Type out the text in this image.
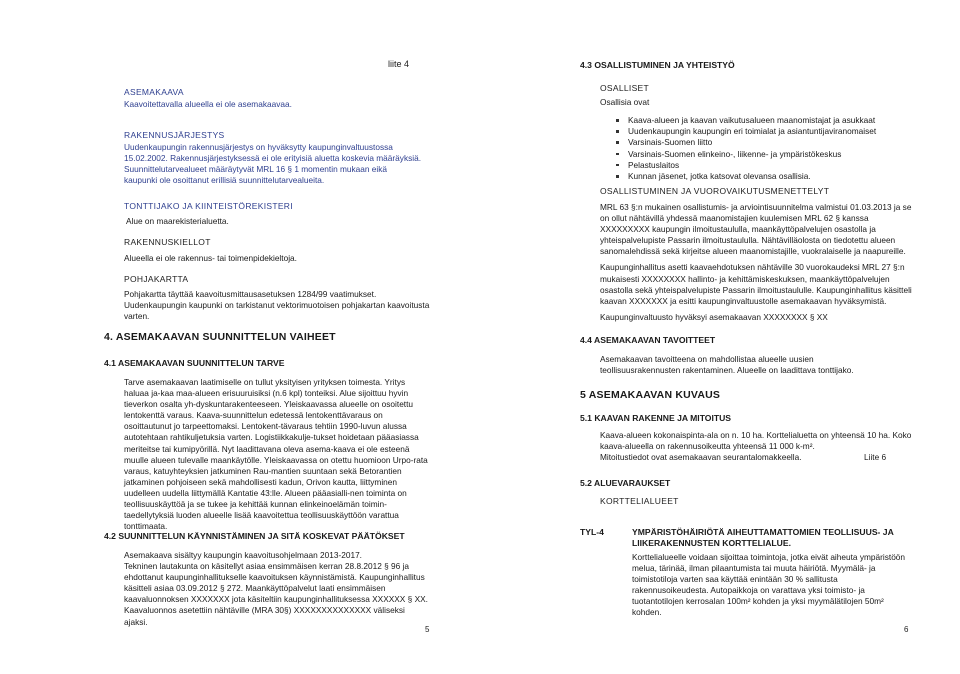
liite 4
ASEMAKAAVA
Kaavoitettavalla alueella ei ole asemakaavaa.
RAKENNUSJÄRJESTYS
Uudenkaupungin rakennusjärjestys on hyväksytty kaupunginvaltuustossa 15.02.2002. Rakennusjärjestyksessä ei ole erityisiä aluetta koskevia määräyksiä. Suunnittelutarvealueet määräytyvät MRL 16 § 1 momentin mukaan eikä kaupunki ole osoittanut erillisiä suunnittelutarvealueita.
TONTTIJAKO JA KIINTEISTÖREKISTERI
Alue on maarekisterialuetta.
RAKENNUSKIELLOT
Alueella ei ole rakennus- tai toimenpidekieltoja.
POHJAKARTTA
Pohjakartta täyttää kaavoitusmittausasetuksen 1284/99 vaatimukset. Uudenkaupungin kaupunki on tarkistanut vektorimuotoisen pohjakartan kaavoitusta varten.
4. ASEMAKAAVAN SUUNNITTELUN VAIHEET
4.1 ASEMAKAAVAN SUUNNITTELUN TARVE
Tarve asemakaavan laatimiselle on tullut yksityisen yrityksen toimesta. Yritys haluaa ja-kaa maa-alueen erisuuruisiksi (n.6 kpl) tonteiksi. Alue sijoittuu hyvin tieverkon osalta yh-dyskuntarakenteeseen. Yleiskaavassa alueelle on osoitettu lentokenttä varaus. Kaava-suunnittelun edetessä lentokenttävaraus on osoittautunut jo tarpeettomaksi. Lentokent-tävaraus tehtiin 1990-luvun alussa autotehtaan rahtikuljetuksia varten. Logistiikkakulje-tukset hoidetaan pääasiassa meriteitse tai kumipyörillä. Nyt laadittavana oleva asema-kaava ei ole esteenä muulle alueen tulevalle maankäytölle. Yleiskaavassa on otettu huomioon Urpo-rata varaus, katuyhteyksien jatkuminen Rau-mantien suuntaan sekä Betorantien jatkaminen pohjoiseen sekä mahdollisesti kadun, Orivon kautta, liittyminen uudelleen uudella liittymällä Kantatie 43:lle. Alueen pääasialli-nen toiminta on teollisuuskäyttöä ja se tukee ja kehittää kunnan elinkeinoelämän toimin-taedellytyksiä luoden alueelle lisää kaavoitettua teollisuuskäyttöön varattua tonttimaata.
4.2 SUUNNITTELUN KÄYNNISTÄMINEN JA SITÄ KOSKEVAT PÄÄTÖKSET
Asemakaava sisältyy kaupungin kaavoitusohjelmaan 2013-2017.
Tekninen lautakunta on käsitellyt asiaa ensimmäisen kerran 28.8.2012 § 96 ja ehdottanut kaupunginhallitukselle kaavoituksen käynnistämistä. Kaupunginhallitus käsitteli asiaa 03.09.2012 § 272. Maankäyttöpalvelut laati ensimmäisen kaavaluonnoksen XXXXXXX jota käsiteltiin kaupunginhallituksessa XXXXXX § XX.
Kaavaluonnos asetettiin nähtäville (MRA 30§) XXXXXXXXXXXXXX väliseksi ajaksi.
5
4.3 OSALLISTUMINEN JA YHTEISTYÖ
OSALLISET
Osallisia ovat
Kaava-alueen ja kaavan vaikutusalueen maanomistajat ja asukkaat
Uudenkaupungin kaupungin eri toimialat ja asiantuntijaviranomaiset
Varsinais-Suomen liitto
Varsinais-Suomen elinkeino-, liikenne- ja ympäristökeskus
Pelastuslaitos
Kunnan jäsenet, jotka katsovat olevansa osallisia.
OSALLISTUMINEN JA VUOROVAIKUTUSMENETTELYT
MRL 63 §:n mukainen osallistumis- ja arviointisuunnitelma valmistui 01.03.2013 ja se on ollut nähtävillä yhdessä maanomistajien kuulemisen MRL 62 § kanssa XXXXXXXXX kaupungin ilmoitustaululla, maankäyttöpalvelujen osastolla ja yhteispalvelupiste Passarin ilmoitustaululla. Nähtävilläolosta on tiedotettu alueen sanomalehdissä sekä kirjeitse alueen maanomistajille, vuokralaiselle ja naapureille.
Kaupunginhallitus asetti kaavaehdotuksen nähtäville 30 vuorokaudeksi MRL 27 §:n mukaisesti XXXXXXXX hallinto- ja kehittämiskeskuksen, maankäyttöpalvelujen osastolla sekä yhteispalvelupiste Passarin ilmoitustaululle. Kaupunginhallitus käsitteli kaavan XXXXXXX ja esitti kaupunginvaltuustolle asemakaavan hyväksymistä.
Kaupunginvaltuusto hyväksyi asemakaavan XXXXXXXX § XX
4.4 ASEMAKAAVAN TAVOITTEET
Asemakaavan tavoitteena on mahdollistaa alueelle uusien teollisuusrakennusten rakentaminen. Alueelle on laadittava tonttijako.
5 ASEMAKAAVAN KUVAUS
5.1 KAAVAN RAKENNE JA MITOITUS
Kaava-alueen kokonaispinta-ala on n. 10 ha. Korttelialuetta on yhteensä 10 ha. Koko kaava-alueella on rakennusoikeutta yhteensä 11 000 k-m².
Mitoitustiedot ovat asemakaavan seurantalomakkeella.	Liite 6
5.2 ALUEVARAUKSET
KORTTELIALUEET
TYL-4	YMPÄRISTÖHÄIRIÖTÄ AIHEUTTAMATTOMIEN TEOLLISUUS- JA LIIKERAKENNUSTEN KORTTELIALUE.
Korttelialueelle voidaan sijoittaa toimintoja, jotka eivät aiheuta ympäristöön melua, tärinää, ilman pilaantumista tai muuta häiriötä. Myymälä- ja toimistotiloja varten saa käyttää enintään 30 % sallitusta rakennusoikeudesta. Autopaikkoja on varattava yksi toimisto- ja tuotantotilojen kerrosalan 100m² kohden ja yksi myymälätilojen 50m² kohden.
6
